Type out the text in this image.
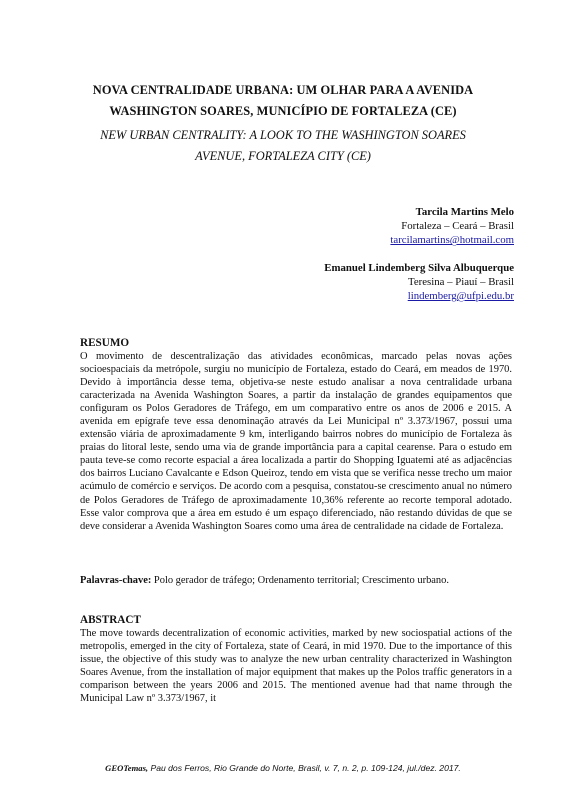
NOVA CENTRALIDADE URBANA: UM OLHAR PARA A AVENIDA
WASHINGTON SOARES, MUNICÍPIO DE FORTALEZA (CE)
NEW URBAN CENTRALITY: A LOOK TO THE WASHINGTON SOARES
AVENUE, FORTALEZA CITY (CE)
Tarcila Martins Melo
Fortaleza – Ceará – Brasil
tarcilamartins@hotmail.com
Emanuel Lindemberg Silva Albuquerque
Teresina – Piauí – Brasil
lindemberg@ufpi.edu.br

RESUMO

O movimento de descentralização das atividades econômicas, marcado pelas novas ações socioespaciais da metrópole, surgiu no município de Fortaleza, estado do Ceará, em meados de 1970. Devido à importância desse tema, objetiva-se neste estudo analisar a nova centralidade urbana caracterizada na Avenida Washington Soares, a partir da instalação de grandes equipamentos que configuram os Polos Geradores de Tráfego, em um comparativo entre os anos de 2006 e 2015. A avenida em epígrafe teve essa denominação através da Lei Municipal nº 3.373/1967, possui uma extensão viária de aproximadamente 9 km, interligando bairros nobres do município de Fortaleza às praias do litoral leste, sendo uma via de grande importância para a capital cearense. Para o estudo em pauta teve-se como recorte espacial a área localizada a partir do Shopping Iguatemi até as adjacências dos bairros Luciano Cavalcante e Edson Queiroz, tendo em vista que se verifica nesse trecho um maior acúmulo de comércio e serviços. De acordo com a pesquisa, constatou-se crescimento anual no número de Polos Geradores de Tráfego de aproximadamente 10,36% referente ao recorte temporal adotado. Esse valor comprova que a área em estudo é um espaço diferenciado, não restando dúvidas de que se deve considerar a Avenida Washington Soares como uma área de centralidade na cidade de Fortaleza.

Palavras-chave: Polo gerador de tráfego; Ordenamento territorial; Crescimento urbano.

ABSTRACT

The move towards decentralization of economic activities, marked by new sociospatial actions of the metropolis, emerged in the city of Fortaleza, state of Ceará, in mid 1970. Due to the importance of this issue, the objective of this study was to analyze the new urban centrality characterized in Washington Soares Avenue, from the installation of major equipment that makes up the Polos traffic generators in a comparison between the years 2006 and 2015. The mentioned avenue had that name through the Municipal Law nº 3.373/1967, it

GEOTemas, Pau dos Ferros, Rio Grande do Norte, Brasil, v. 7, n. 2, p. 109-124, jul./dez. 2017.
